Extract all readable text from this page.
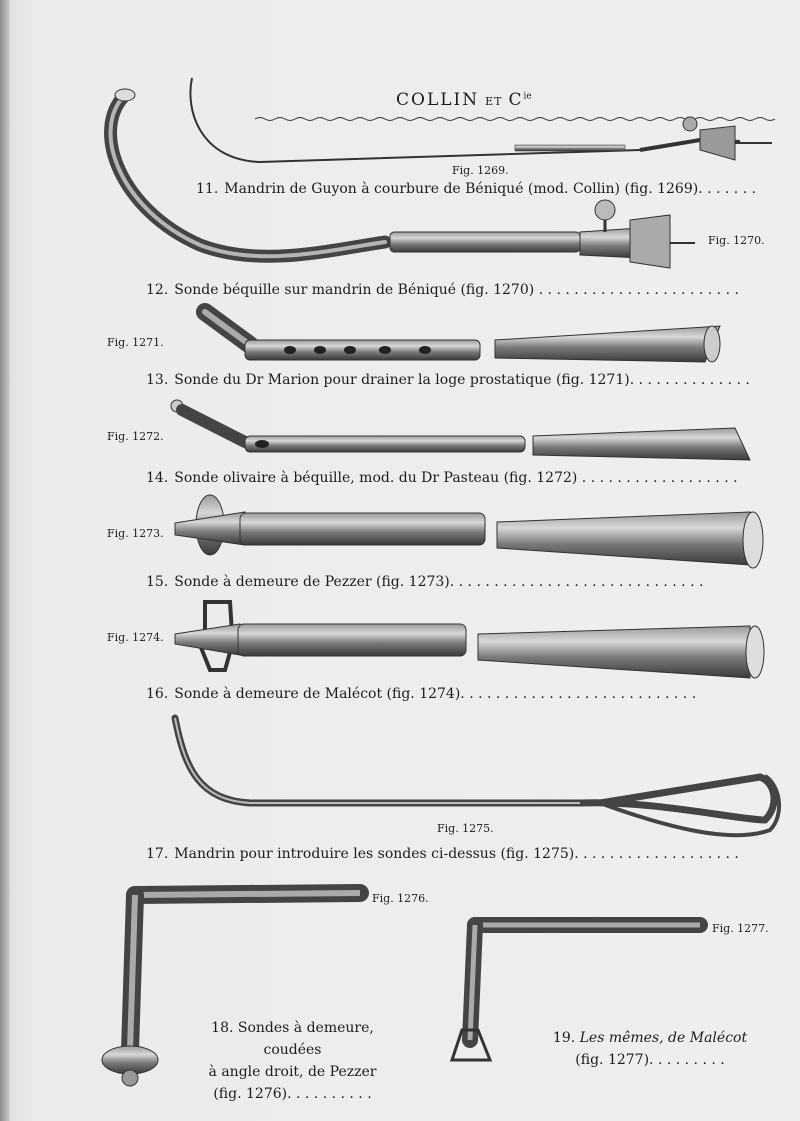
COLLIN ET $C^{ie}$
Fig. 1269.
Fig. 1270.
Fig. 1271.
Fig. 1272.
Fig. 1273.
Fig. 1274.
Fig. 1275.
Fig. 1276.
Fig. 1277.
11. Mandrin de Guyon à courbure de Béniqué (mod. Collin) (fig. 1269). . . . . . .
12. Sonde béquille sur mandrin de Béniqué (fig. 1270) . . . . . . . . . . . . . . . . . . . . . . .
13. Sonde du Dr Marion pour drainer la loge prostatique (fig. 1271). . . . . . . . . . . . . .
14. Sonde olivaire à béquille, mod. du Dr Pasteau (fig. 1272) . . . . . . . . . . . . . . . . . .
15. Sonde à demeure de Pezzer (fig. 1273). . . . . . . . . . . . . . . . . . . . . . . . . . . . .
16. Sonde à demeure de Malécot (fig. 1274). . . . . . . . . . . . . . . . . . . . . . . . . . .
17. Mandrin pour introduire les sondes ci-dessus (fig. 1275). . . . . . . . . . . . . . . . . . .
18. Sondes à demeure, coudées
à angle droit, de Pezzer
(fig. 1276). . . . . . . . . .
19. Les mêmes, de Malécot
(fig. 1277). . . . . . . . .
